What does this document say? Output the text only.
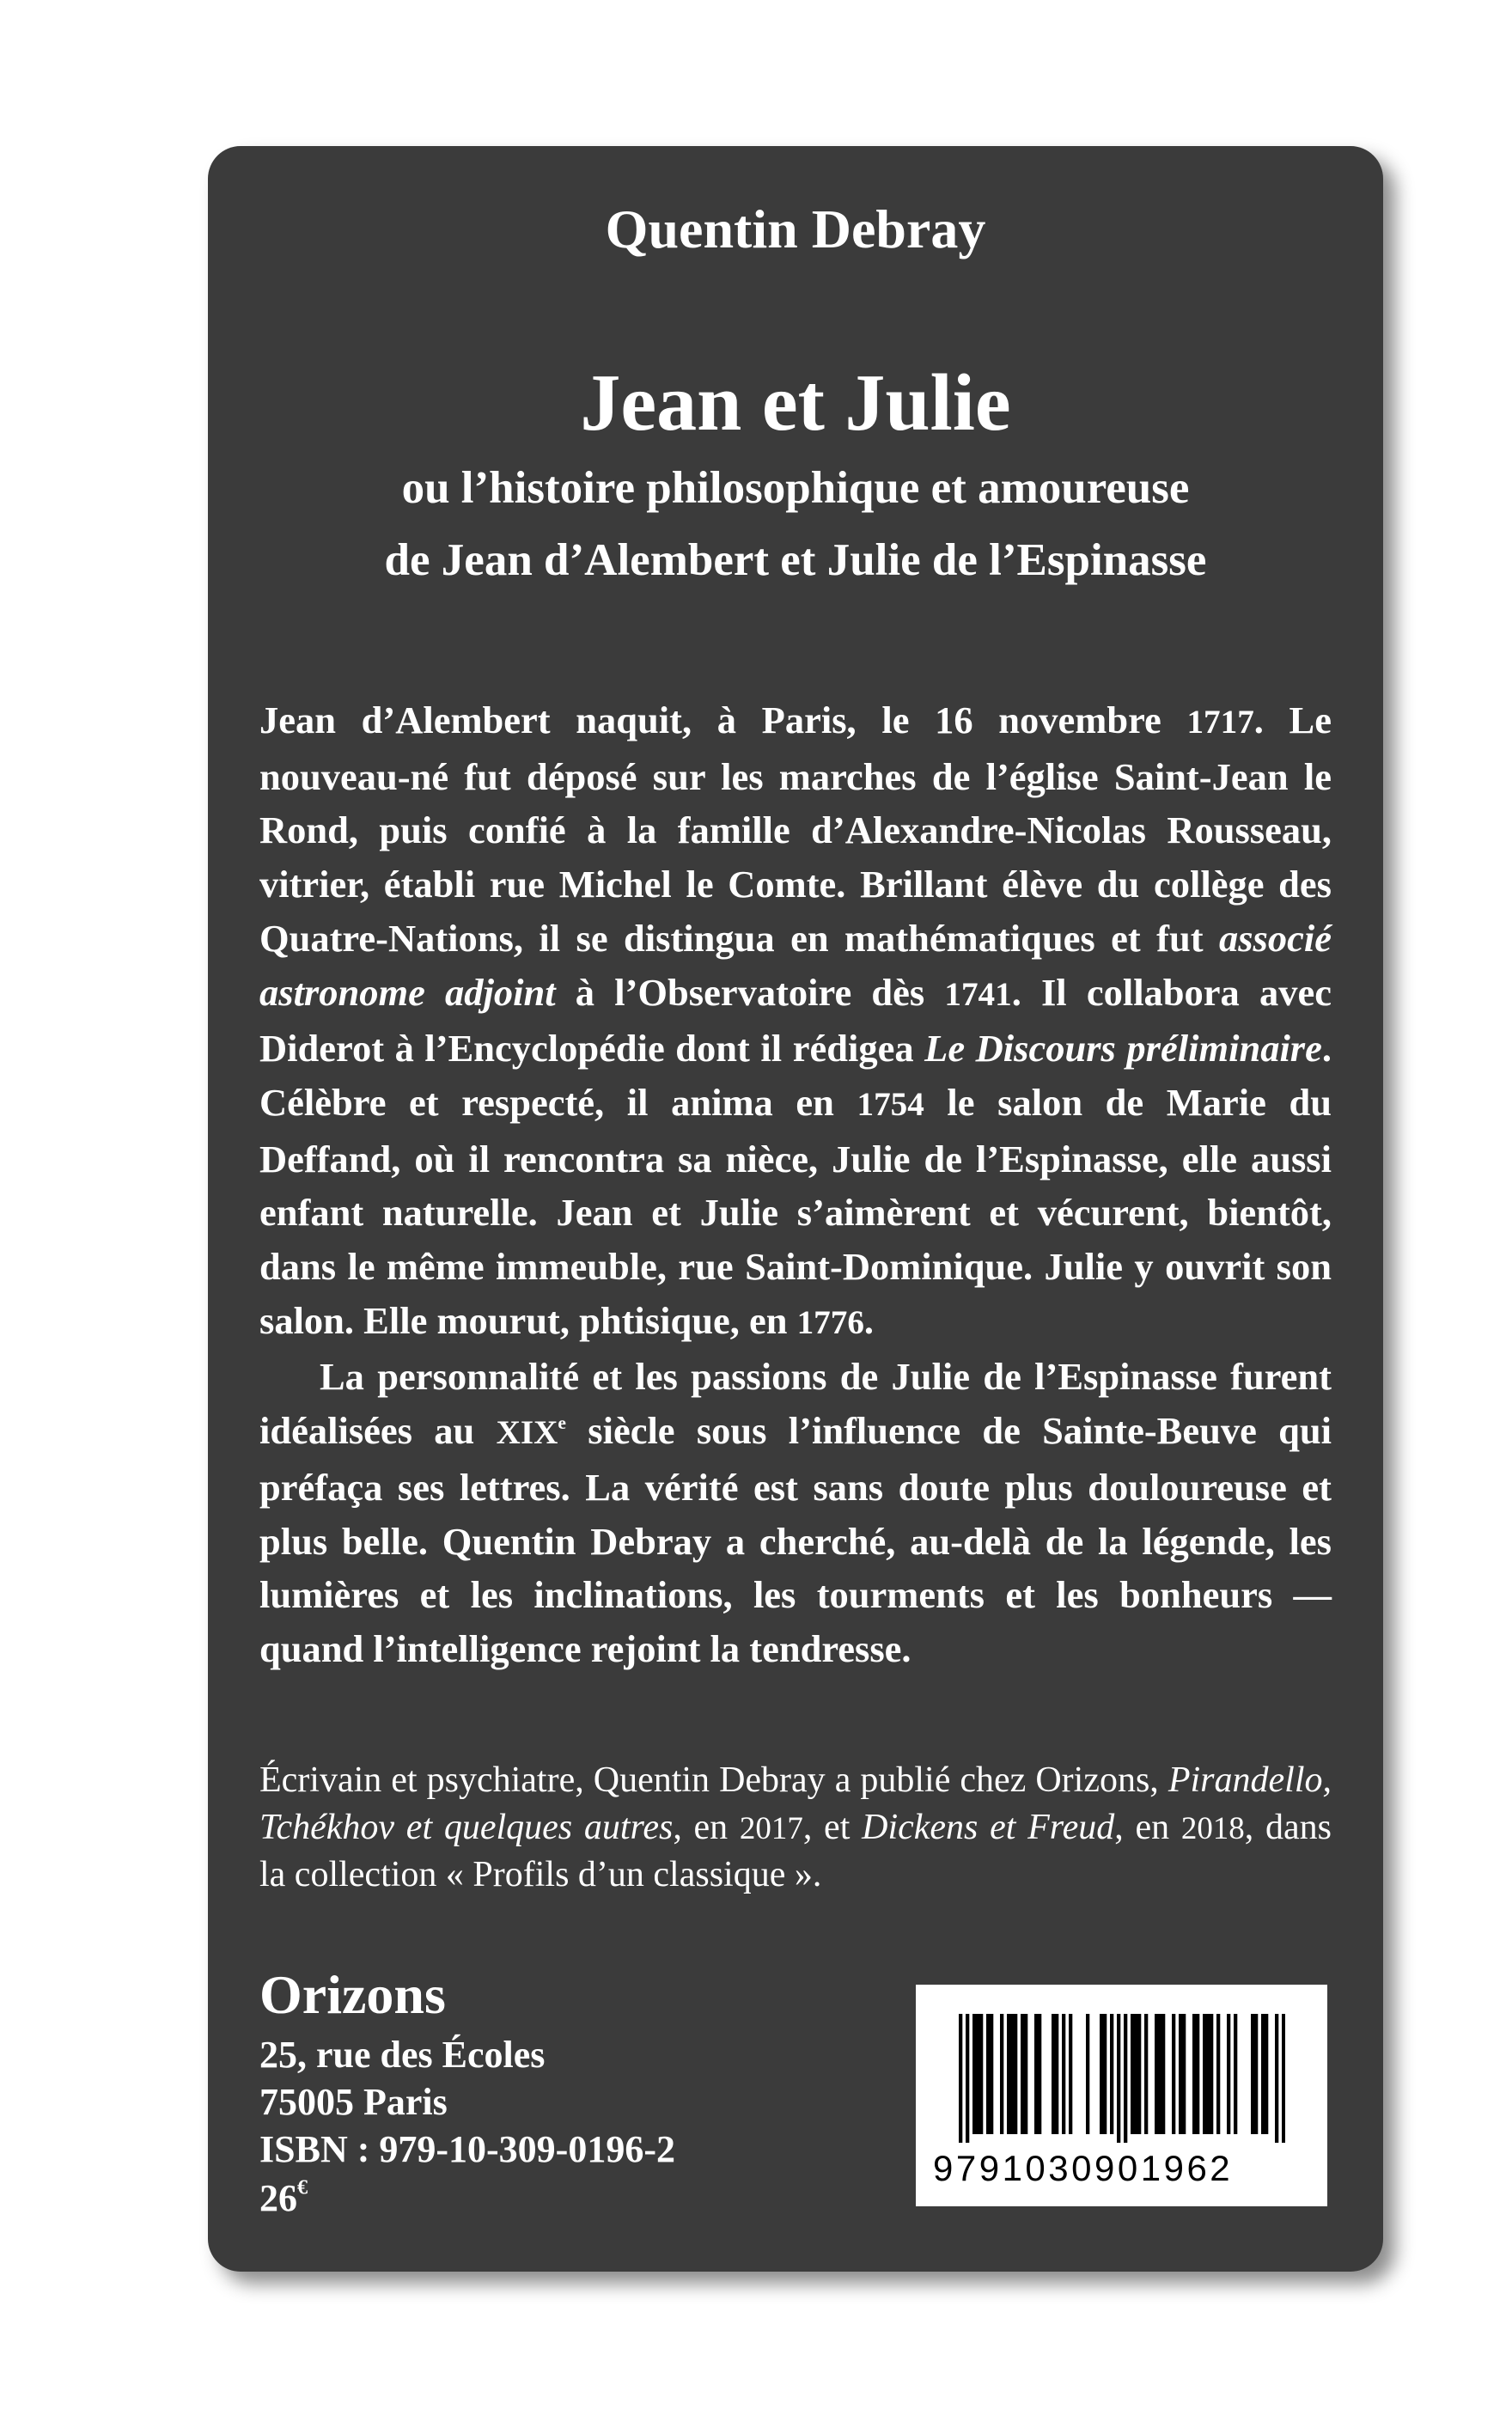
Quentin Debray
Jean et Julie
ou l’histoire philosophique et amoureuse
de Jean d’Alembert et Julie de l’Espinasse

Jean d’Alembert naquit, à Paris, le 16 novembre 1717. Le nouveau-né fut déposé sur les marches de l’église Saint-Jean le Rond, puis confié à la famille d’Alexandre-Nicolas Rousseau, vitrier, établi rue Michel le Comte. Brillant élève du collège des Quatre-Nations, il se distingua en mathématiques et fut associé astronome adjoint à l’Observatoire dès 1741. Il collabora avec Diderot à l’Encyclopédie dont il rédigea Le Discours préliminaire. Célèbre et respecté, il anima en 1754 le salon de Marie du Deffand, où il rencontra sa nièce, Julie de l’Espinasse, elle aussi enfant naturelle. Jean et Julie s’aimèrent et vécurent, bientôt, dans le même immeuble, rue Saint-Dominique. Julie y ouvrit son salon. Elle mourut, phtisique, en 1776.

La personnalité et les passions de Julie de l’Espinasse furent idéalisées au XIXe siècle sous l’influence de Sainte-Beuve qui préfaça ses lettres. La vérité est sans doute plus douloureuse et plus belle. Quentin Debray a cherché, au-delà de la légende, les lumières et les inclinations, les tourments et les bonheurs — quand l’intelligence rejoint la tendresse.

Écrivain et psychiatre, Quentin Debray a publié chez Orizons, Pirandello, Tchékhov et quelques autres, en 2017, et Dickens et Freud, en 2018, dans la collection « Profils d’un classique ».

Orizons
25, rue des Écoles
75005 Paris
ISBN : 979-10-309-0196-2
26€	9791030901962
